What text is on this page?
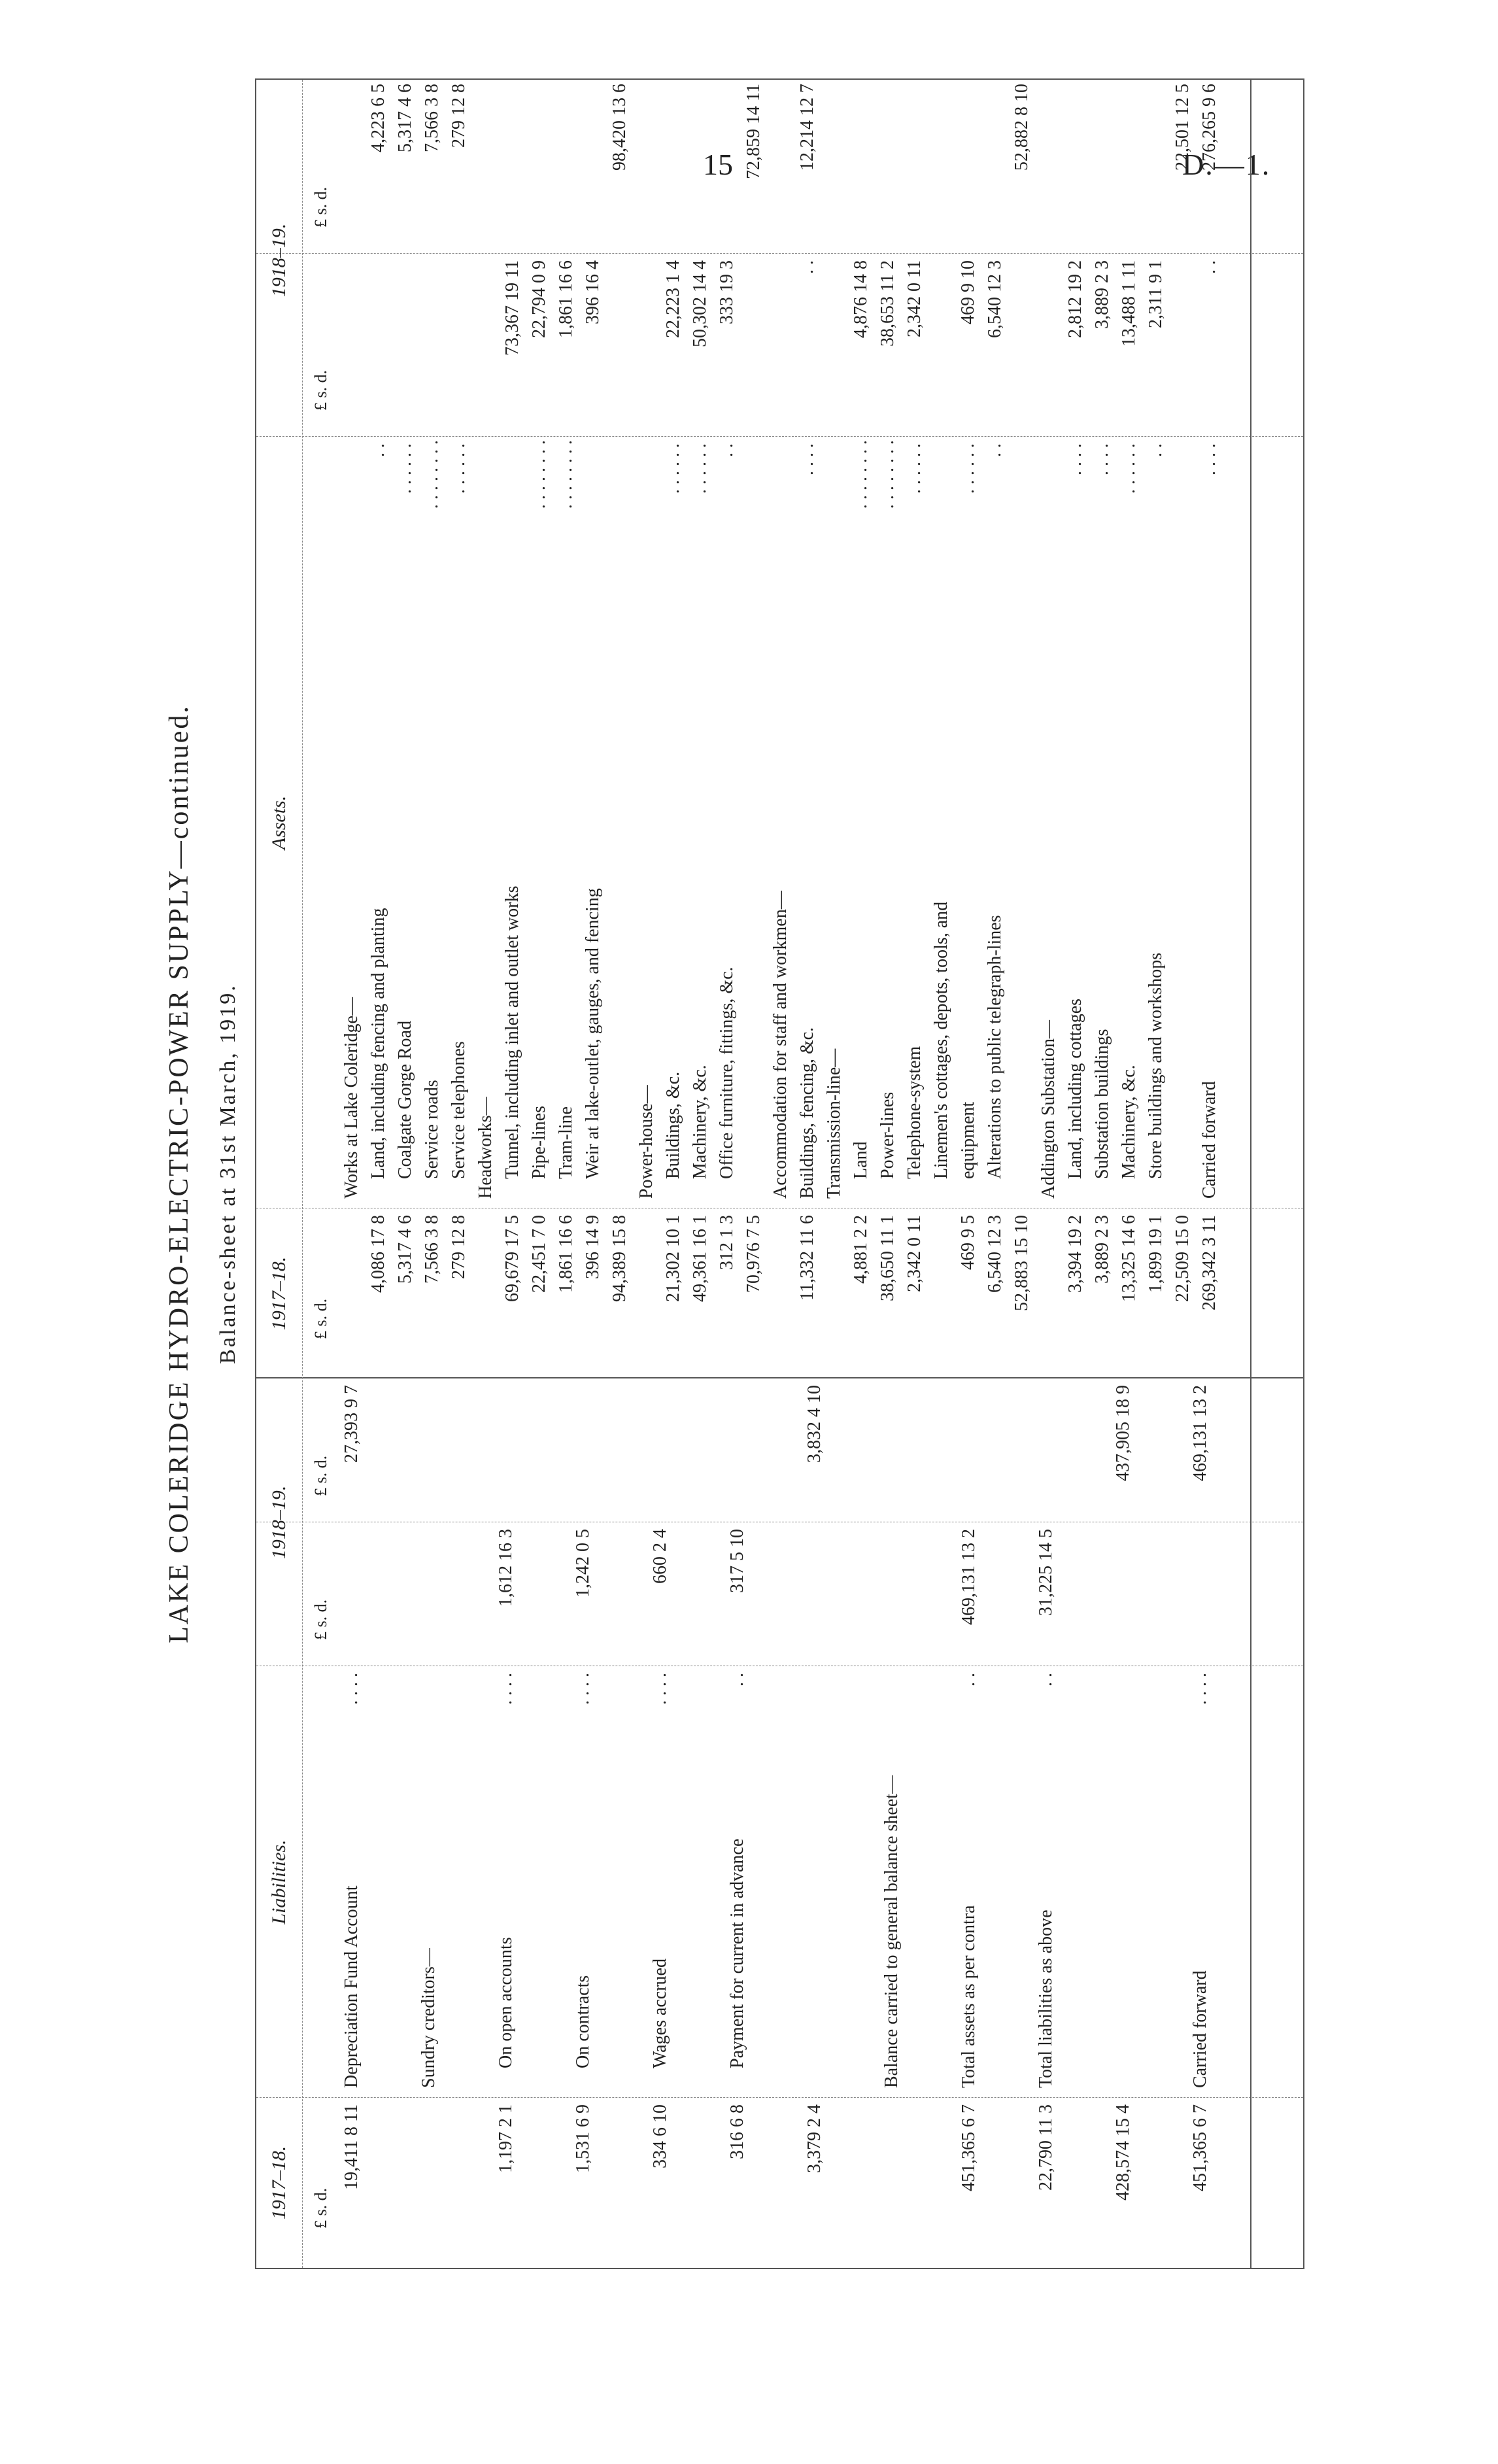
15	D.—1.
LAKE COLERIDGE HYDRO-ELECTRIC-POWER SUPPLY—continued. Balance-sheet at 31st March, 1919.
1917–18.
Liabilities.
1918–19.
1917–18.
Assets.
1918–19.
£ s. d.
£ s. d.
£ s. d.
£ s. d.
£ s. d.
£ s. d.
19,411 8 11
Depreciation Fund Account
. . . .
27,393 9 7
Sundry creditors—
1,197 2 1
On open accounts
. . . .
1,612 16 3
1,531 6 9
On contracts
. . . .
1,242 0 5
334 6 10
Wages accrued
. . . .
660 2 4
316 6 8
Payment for current in advance
. .
317 5 10
3,379 2 4
3,832 4 10
Balance carried to general balance sheet—
451,365 6 7
Total assets as per contra
. .
469,131 13 2
22,790 11 3
Total liabilities as above
. .
31,225 14 5
428,574 15 4
437,905 18 9
451,365 6 7
Carried forward
. . . .
469,131 13 2
Works at Lake Coleridge—
4,086 17 8
Land, including fencing and planting
. .
4,223 6 5
5,317 4 6
Coalgate Gorge Road
. . . . . .
5,317 4 6
7,566 3 8
Service roads
. . . . . . . .
7,566 3 8
279 12 8
Service telephones
. . . . . .
279 12 8
Headworks—
69,679 17 5
Tunnel, including inlet and outlet works
73,367 19 11
22,451 7 0
Pipe-lines
. . . . . . . .
22,794 0 9
1,861 16 6
Tram-line
. . . . . . . .
1,861 16 6
396 14 9
Weir at lake-outlet, gauges, and fencing
396 16 4
94,389 15 8
98,420 13 6
Power-house—
21,302 10 1
Buildings, &c.
. . . . . .
22,223 1 4
49,361 16 1
Machinery, &c.
. . . . . .
50,302 14 4
312 1 3
Office furniture, fittings, &c.
. .
333 19 3
70,976 7 5
72,859 14 11
Accommodation for staff and workmen—
11,332 11 6
Buildings, fencing, &c.
. . . .
. .
12,214 12 7
Transmission-line—
4,881 2 2
Land
. . . . . . . .
4,876 14 8
38,650 11 1
Power-lines
. . . . . . . .
38,653 11 2
2,342 0 11
Telephone-system
. . . . . .
2,342 0 11
Linemen's cottages, depots, tools, and
469 9 5
equipment
. . . . . .
469 9 10
6,540 12 3
Alterations to public telegraph-lines
. .
6,540 12 3
52,883 15 10
52,882 8 10
Addington Substation—
3,394 19 2
Land, including cottages
. . . .
2,812 19 2
3,889 2 3
Substation buildings
. . . .
3,889 2 3
13,325 14 6
Machinery, &c.
. . . . . .
13,488 1 11
1,899 19 1
Store buildings and workshops
. .
2,311 9 1
22,509 15 0
22,501 12 5
269,342 3 11
Carried forward
. . . .
. .
276,265 9 6
